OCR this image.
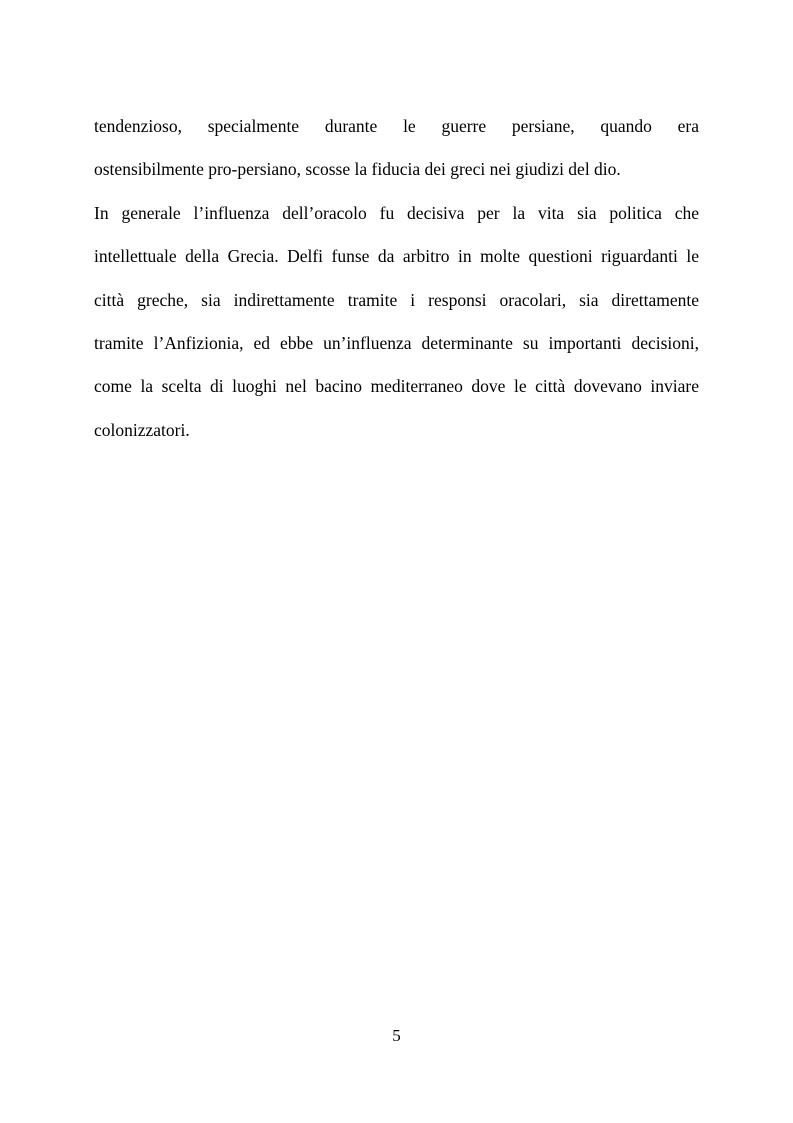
tendenzioso, specialmente durante le guerre persiane, quando era
ostensibilmente pro-persiano, scosse la fiducia dei greci nei giudizi del dio.
In generale l’influenza dell’oracolo fu decisiva per la vita sia politica che
intellettuale della Grecia. Delfi funse da arbitro in molte questioni riguardanti le
città greche, sia indirettamente tramite i responsi oracolari, sia direttamente
tramite l’Anfizionia, ed ebbe un’influenza determinante su importanti decisioni,
come la scelta di luoghi nel bacino mediterraneo dove le città dovevano inviare
colonizzatori.
5
